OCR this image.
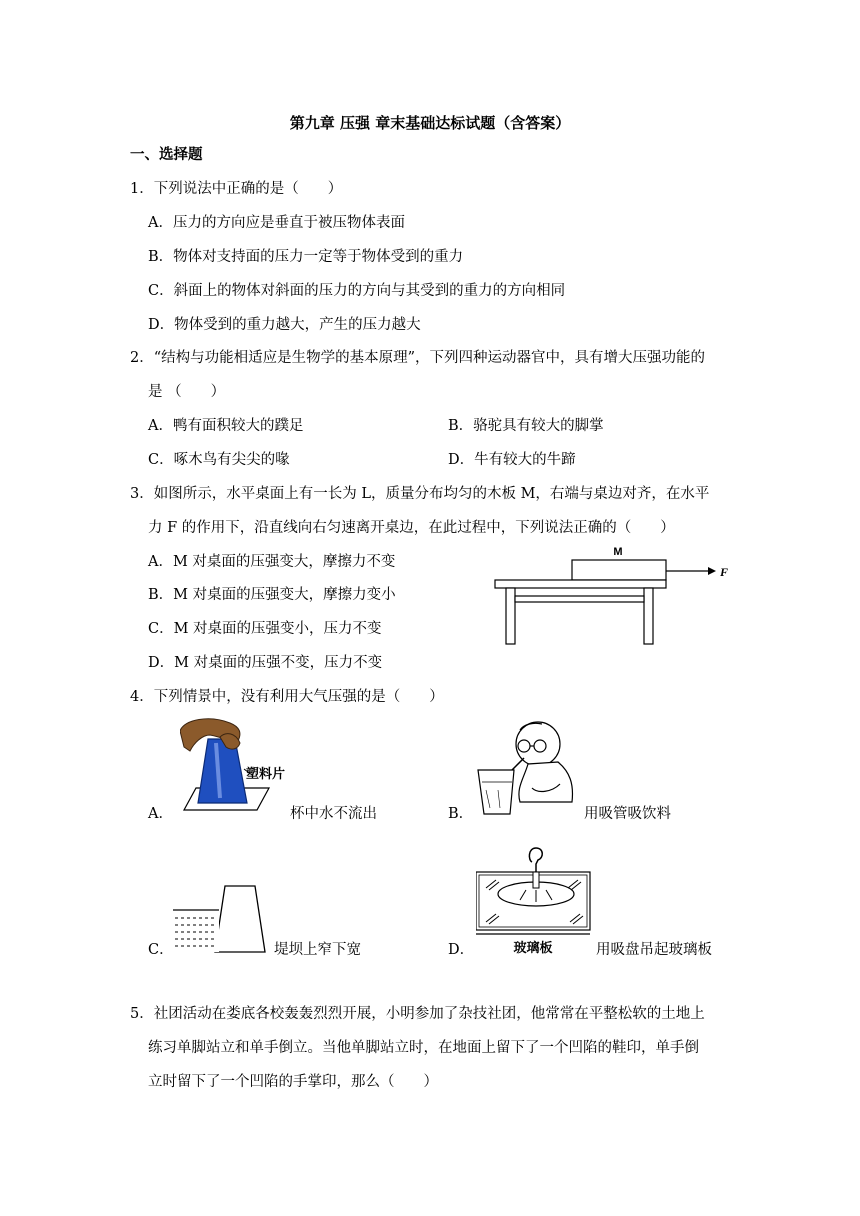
第九章 压强 章末基础达标试题（含答案）
一、选择题
1．下列说法中正确的是（　　）
A．压力的方向应是垂直于被压物体表面
B．物体对支持面的压力一定等于物体受到的重力
C．斜面上的物体对斜面的压力的方向与其受到的重力的方向相同
D．物体受到的重力越大，产生的压力越大
2．“结构与功能相适应是生物学的基本原理”，下列四种运动器官中，具有增大压强功能的
是 （　　）
A．鸭有面积较大的蹼足	B．骆驼具有较大的脚掌
C．啄木鸟有尖尖的喙	D．牛有较大的牛蹄
3．如图所示，水平桌面上有一长为 L，质量分布均匀的木板 M，右端与桌边对齐，在水平
力 F 的作用下，沿直线向右匀速离开桌边，在此过程中，下列说法正确的（　　）
A．M 对桌面的压强变大，摩擦力不变
B．M 对桌面的压强变大，摩擦力变小
C．M 对桌面的压强变小，压力不变
D．M 对桌面的压强不变，压力不变
M
F
4．下列情景中，没有利用大气压强的是（　　）
塑料片
A．	杯中水不流出	B．	用吸管吸饮料
C．	堤坝上窄下宽	玻璃板
D．	用吸盘吊起玻璃板
5．社团活动在娄底各校轰轰烈烈开展，小明参加了杂技社团，他常常在平整松软的土地上
练习单脚站立和单手倒立。当他单脚站立时，在地面上留下了一个凹陷的鞋印，单手倒
立时留下了一个凹陷的手掌印，那么（　　）
